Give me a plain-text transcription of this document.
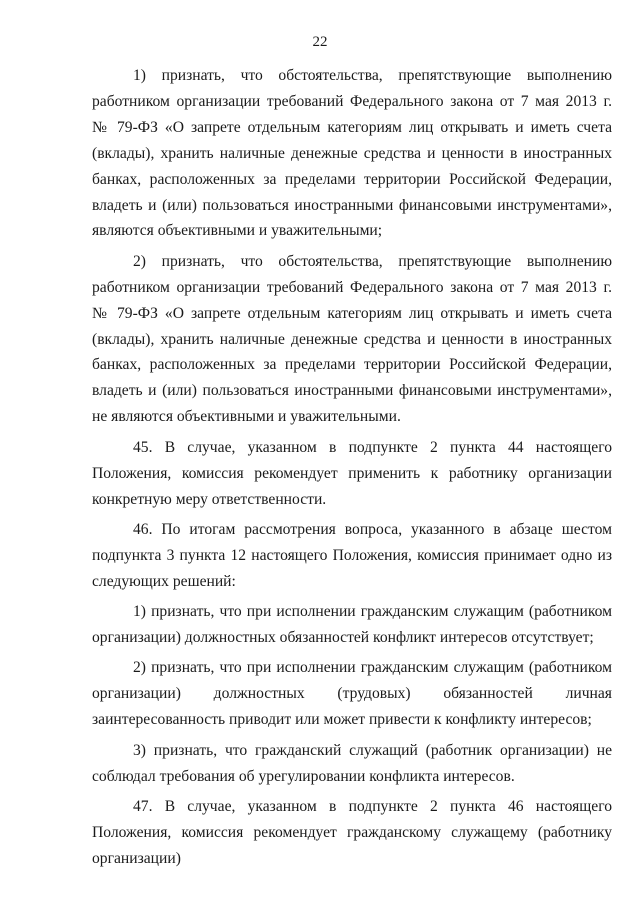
22

1) признать, что обстоятельства, препятствующие выполнению работником организации требований Федерального закона от 7 мая 2013 г. № 79-ФЗ «О запрете отдельным категориям лиц открывать и иметь счета (вклады), хранить наличные денежные средства и ценности в иностранных банках, расположенных за пределами территории Российской Федерации, владеть и (или) пользоваться иностранными финансовыми инструментами», являются объективными и уважительными;

2) признать, что обстоятельства, препятствующие выполнению работником организации требований Федерального закона от 7 мая 2013 г. № 79-ФЗ «О запрете отдельным категориям лиц открывать и иметь счета (вклады), хранить наличные денежные средства и ценности в иностранных банках, расположенных за пределами территории Российской Федерации, владеть и (или) пользоваться иностранными финансовыми инструментами», не являются объективными и уважительными.

45. В случае, указанном в подпункте 2 пункта 44 настоящего Положения, комиссия рекомендует применить к работнику организации конкретную меру ответственности.

46. По итогам рассмотрения вопроса, указанного в абзаце шестом подпункта 3 пункта 12 настоящего Положения, комиссия принимает одно из следующих решений:

1) признать, что при исполнении гражданским служащим (работником организации) должностных обязанностей конфликт интересов отсутствует;

2) признать, что при исполнении гражданским служащим (работником организации) должностных (трудовых) обязанностей личная заинтересованность приводит или может привести к конфликту интересов;

3) признать, что гражданский служащий (работник организации) не соблюдал требования об урегулировании конфликта интересов.

47. В случае, указанном в подпункте 2 пункта 46 настоящего Положения, комиссия рекомендует гражданскому служащему (работнику организации)
